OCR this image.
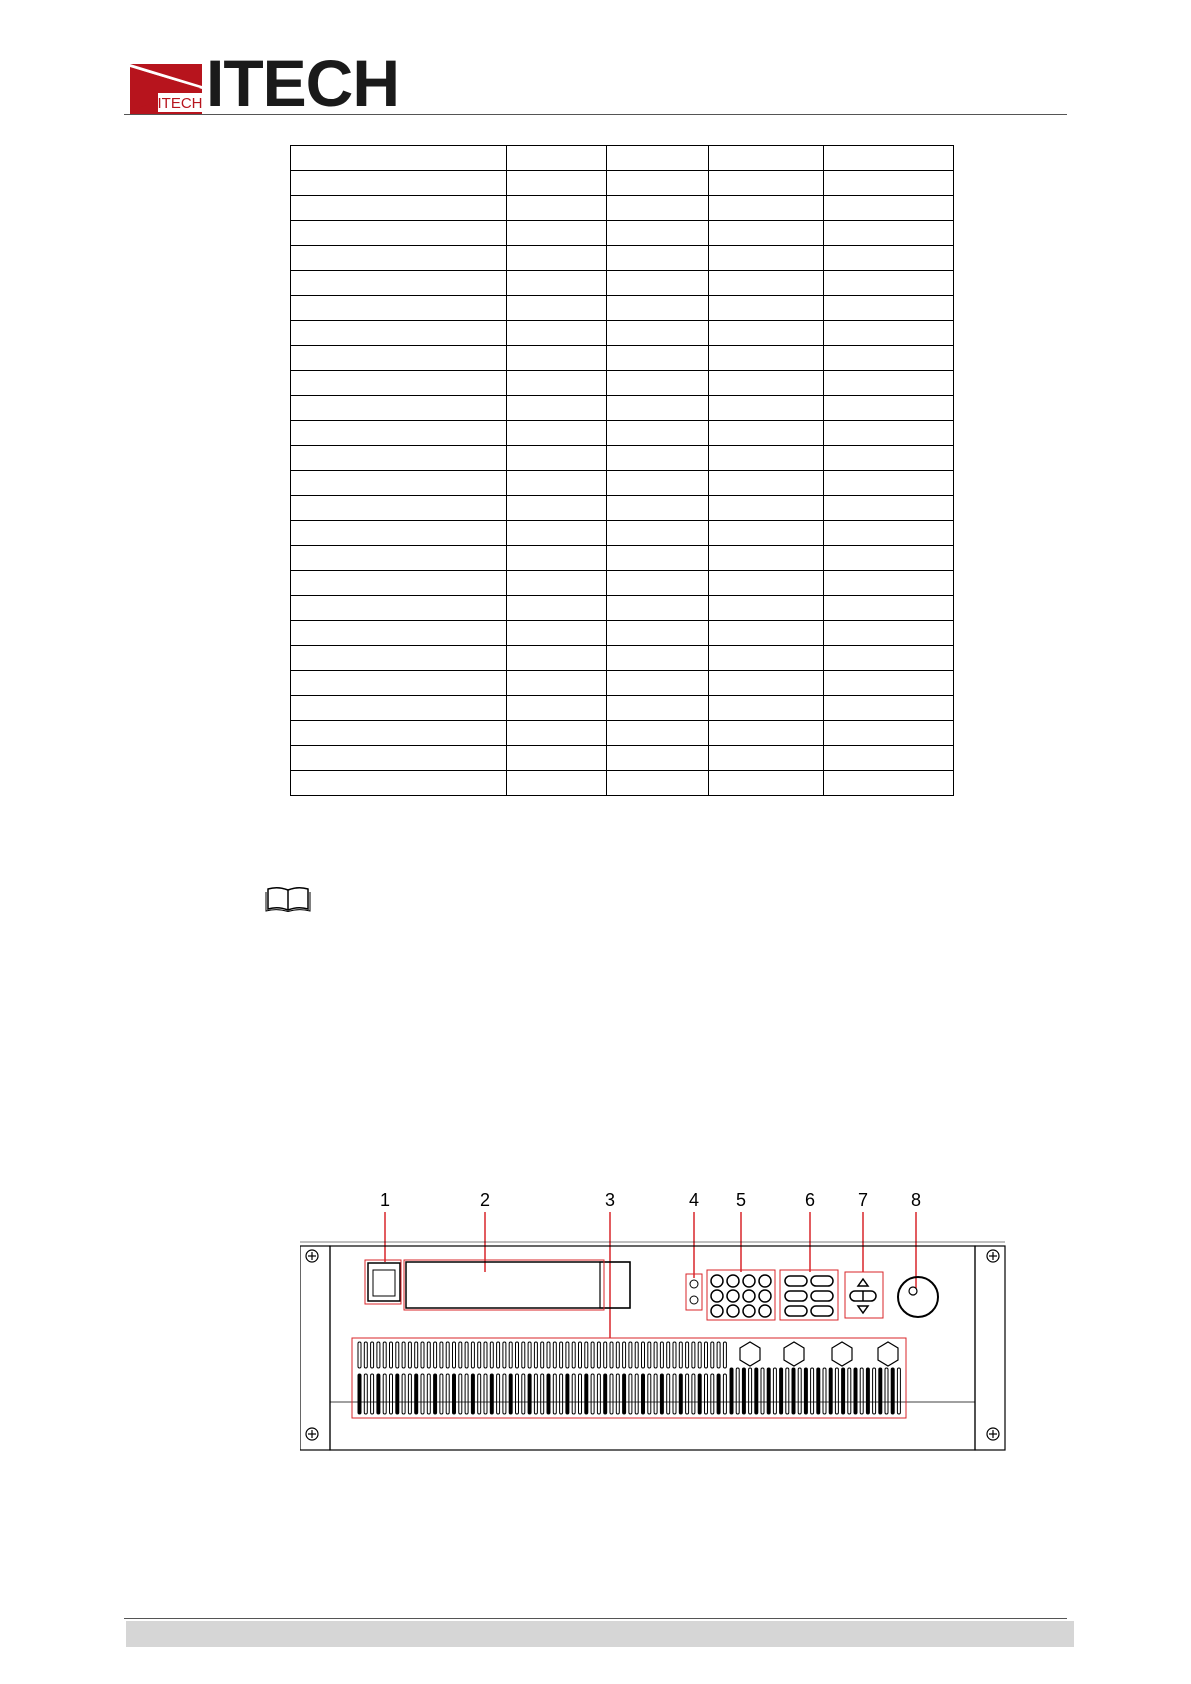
ITECH ITECH

1	2	3	4 5	6 7 8
